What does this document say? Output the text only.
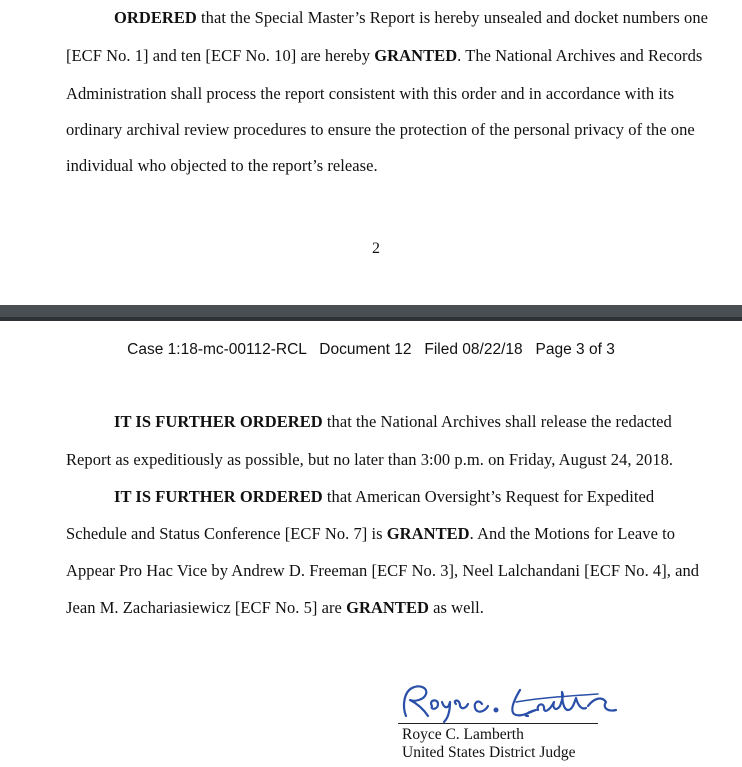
ORDERED that the Special Master’s Report is hereby unsealed and docket numbers one
[ECF No. 1] and ten [ECF No. 10] are hereby GRANTED. The National Archives and Records
Administration shall process the report consistent with this order and in accordance with its
ordinary archival review procedures to ensure the protection of the personal privacy of the one
individual who objected to the report’s release.
2
Case 1:18-mc-00112-RCL   Document 12   Filed 08/22/18   Page 3 of 3
IT IS FURTHER ORDERED that the National Archives shall release the redacted
Report as expeditiously as possible, but no later than 3:00 p.m. on Friday, August 24, 2018.
IT IS FURTHER ORDERED that American Oversight’s Request for Expedited
Schedule and Status Conference [ECF No. 7] is GRANTED. And the Motions for Leave to
Appear Pro Hac Vice by Andrew D. Freeman [ECF No. 3], Neel Lalchandani [ECF No. 4], and
Jean M. Zachariasiewicz [ECF No. 5] are GRANTED as well.
Royce C. Lamberth
United States District Judge
